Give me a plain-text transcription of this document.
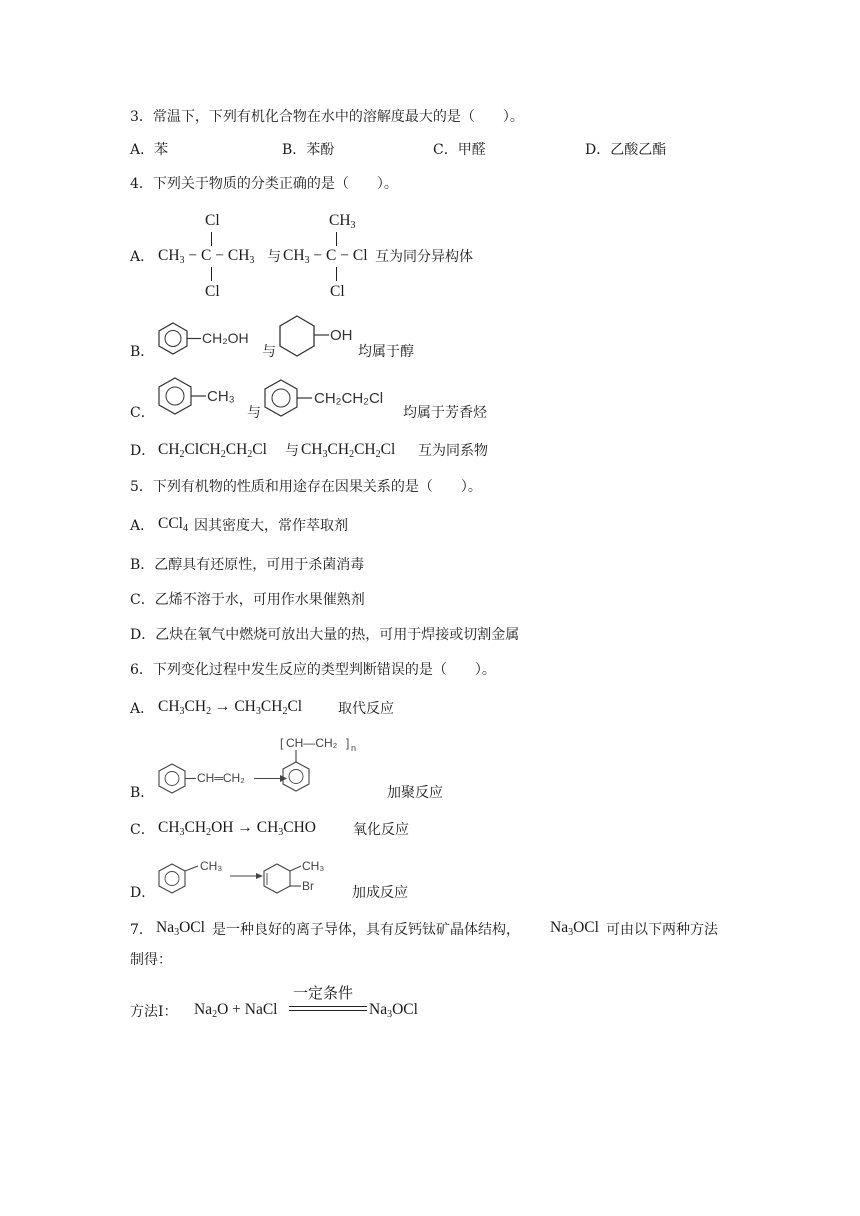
3．常温下，下列有机化合物在水中的溶解度最大的是（　　）。
A．苯	B．苯酚	C．甲醛	D．乙酸乙酯
4．下列关于物质的分类正确的是（　　）。
A．
Cl
$CH_3 - C - CH_3$
Cl
与
$CH_3$
$CH_3 - C - Cl$
Cl
互为同分异构体
B．
CH₂OH
与
OH
均属于醇
C．
CH₃
与
CH₂CH₂Cl
均属于芳香烃
D． $CH_2ClCH_2CH_2Cl$ 与 $CH_3CH_2CH_2Cl$ 互为同系物
5．下列有机物的性质和用途存在因果关系的是（　　）。
A． CCl$_4$ 因其密度大，常作萃取剂
B．乙醇具有还原性，可用于杀菌消毒
C．乙烯不溶于水，可用作水果催熟剂
D．乙炔在氧气中燃烧可放出大量的热，可用于焊接或切割金属
6．下列变化过程中发生反应的类型判断错误的是（　　）。
A． $CH_3CH_2 \to CH_3CH_2Cl$	取代反应
B．
CH═CH₂
[ CH—CH₂ ] n
加聚反应
C． $CH_3CH_2OH \to CH_3CHO$	氧化反应
D．
CH₃	CH₃
Br	加成反应
7． $Na_3OCl$ 是一种良好的离子导体，具有反钙钛矿晶体结构， $Na_3OCl$ 可由以下两种方法
制得：
方法Ⅰ： $Na_2O$ + NaCl
一定条件
$Na_3OCl$
